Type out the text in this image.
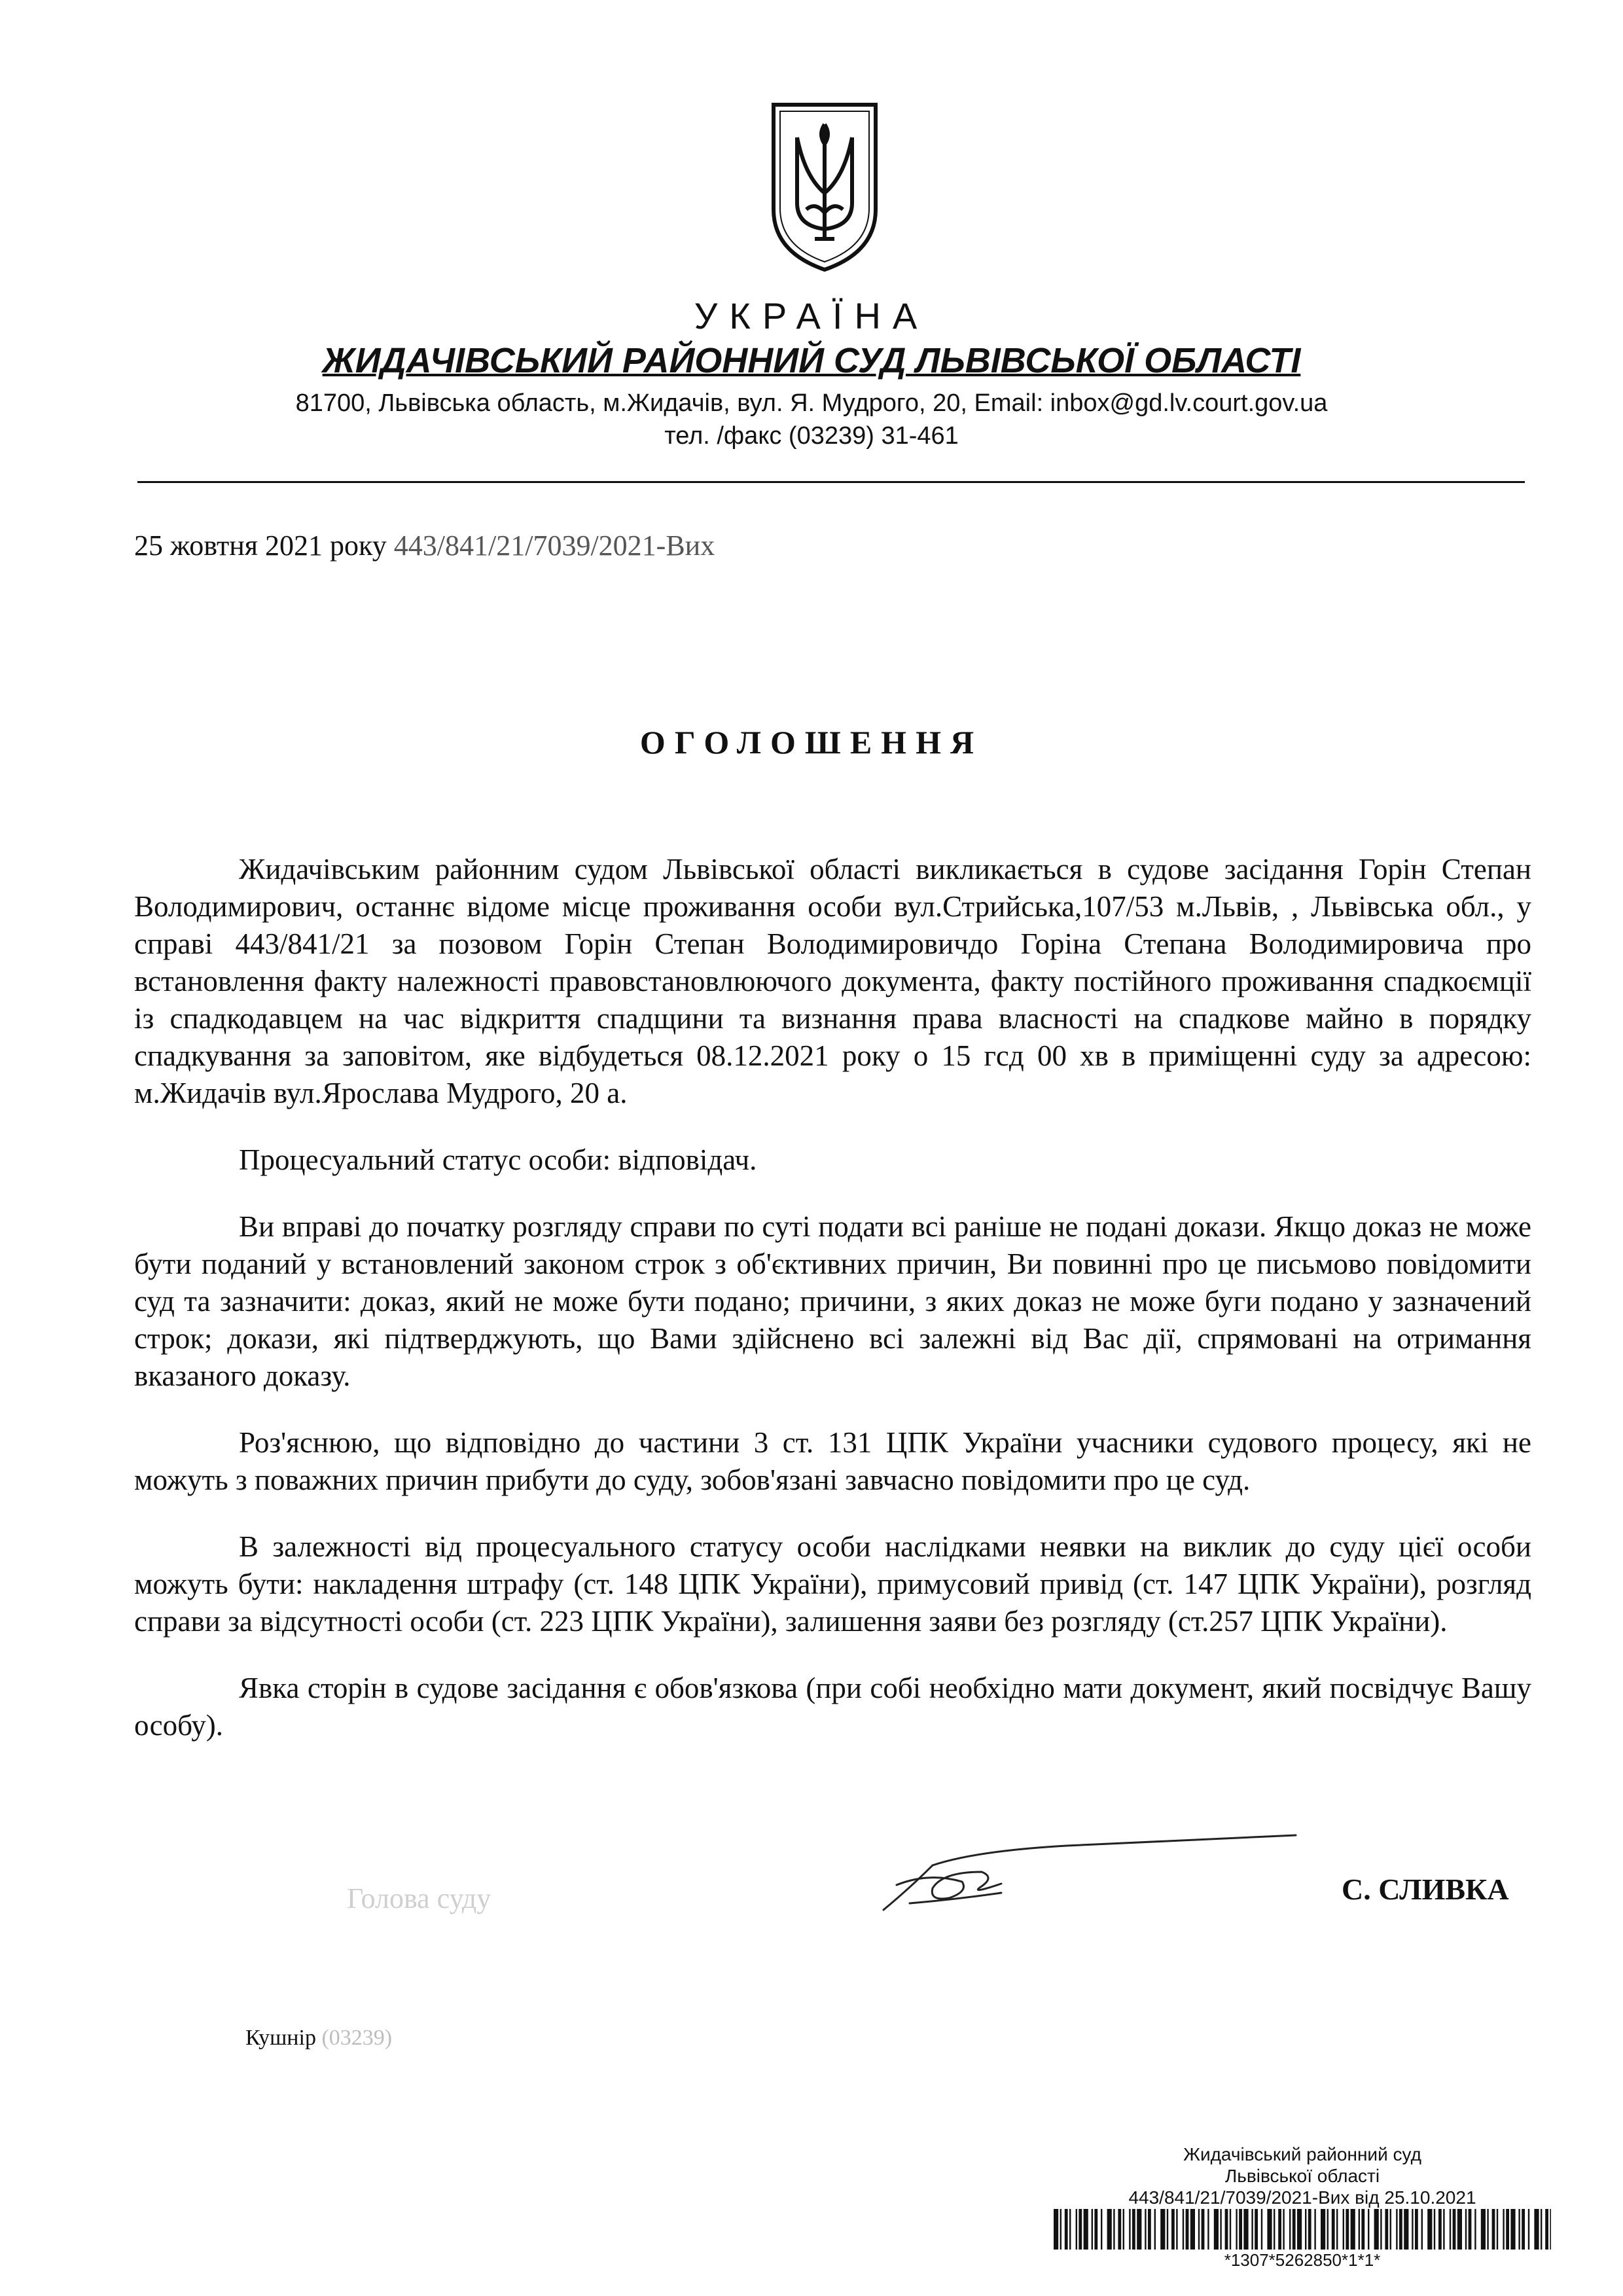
УКРАЇНА
ЖИДАЧІВСЬКИЙ РАЙОННИЙ СУД ЛЬВІВСЬКОЇ ОБЛАСТІ
81700, Львівська область, м.Жидачів, вул. Я. Мудрого, 20, Email: inbox@gd.lv.court.gov.ua
тел. /факс (03239) 31-461
25 жовтня 2021 року 443/841/21/7039/2021-Вих
ОГОЛОШЕННЯ

Жидачівським районним судом Львівської області викликається в судове засідання Горін Степан Володимирович, останнє відоме місце проживання особи вул.Стрийська,107/53 м.Львів, , Львівська обл., у справі 443/841/21 за позовом Горін Степан Володимировичдо Горіна Степана Володимировича про встановлення факту належності правовстановлюючого документа, факту постійного проживання спадкоємції із спадкодавцем на час відкриття спадщини та визнання права власності на спадкове майно в порядку спадкування за заповітом, яке відбудеться 08.12.2021 року о 15 гсд 00 хв в приміщенні суду за адресою: м.Жидачів вул.Ярослава Мудрого, 20 а.

Процесуальний статус особи: відповідач.

Ви вправі до початку розгляду справи по суті подати всі раніше не подані докази. Якщо доказ не може бути поданий у встановлений законом строк з об'єктивних причин, Ви повинні про це письмово повідомити суд та зазначити: доказ, який не може бути подано; причини, з яких доказ не може буги подано у зазначений строк; докази, які підтверджують, що Вами здійснено всі залежні від Вас дії, спрямовані на отримання вказаного доказу.

Роз'яснюю, що відповідно до частини 3 ст. 131 ЦПК України учасники судового процесу, які не можуть з поважних причин прибути до суду, зобов'язані завчасно повідомити про це суд.

В залежності від процесуального статусу особи наслідками неявки на виклик до суду цієї особи можуть бути: накладення штрафу (ст. 148 ЦПК України), примусовий привід (ст. 147 ЦПК України), розгляд справи за відсутності особи (ст. 223 ЦПК України), залишення заяви без розгляду (ст.257 ЦПК України).

Явка сторін в судове засідання є обов'язкова (при собі необхідно мати документ, який посвідчує Вашу особу).

Голова суду	С. СЛИВКА
Кушнір (03239)
Жидачівський районний суд
Львівської області
443/841/21/7039/2021-Вих від 25.10.2021
*1307*5262850*1*1*
